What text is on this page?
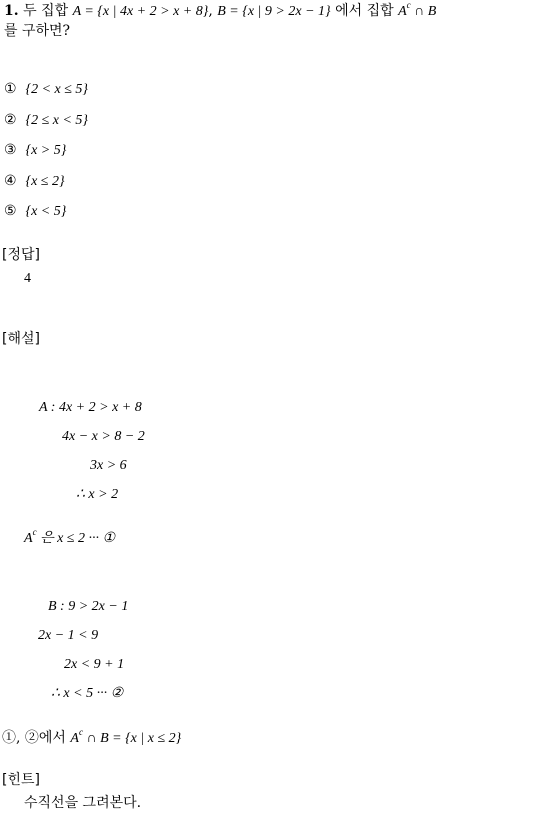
1. 두 집합 A = {x | 4x + 2 > x + 8}, B = {x | 9 > 2x − 1} 에서 집합 $A^c$ ∩ B
를 구하면?
① {2 < x ≤ 5}
② {2 ≤ x < 5}
③ {x > 5}
④ {x ≤ 2}
⑤ {x < 5}
[정답]
4
[해설]
A : 4x + 2 > x + 8
4x − x > 8 − 2
3x > 6
∴ x > 2
$A^c$ 은 x ≤ 2 ··· ①
B : 9 > 2x − 1
2x − 1 < 9
2x < 9 + 1
∴ x < 5 ··· ②
①, ②에서 $A^c$ ∩ B = {x | x ≤ 2}
[힌트]
수직선을 그려본다.
